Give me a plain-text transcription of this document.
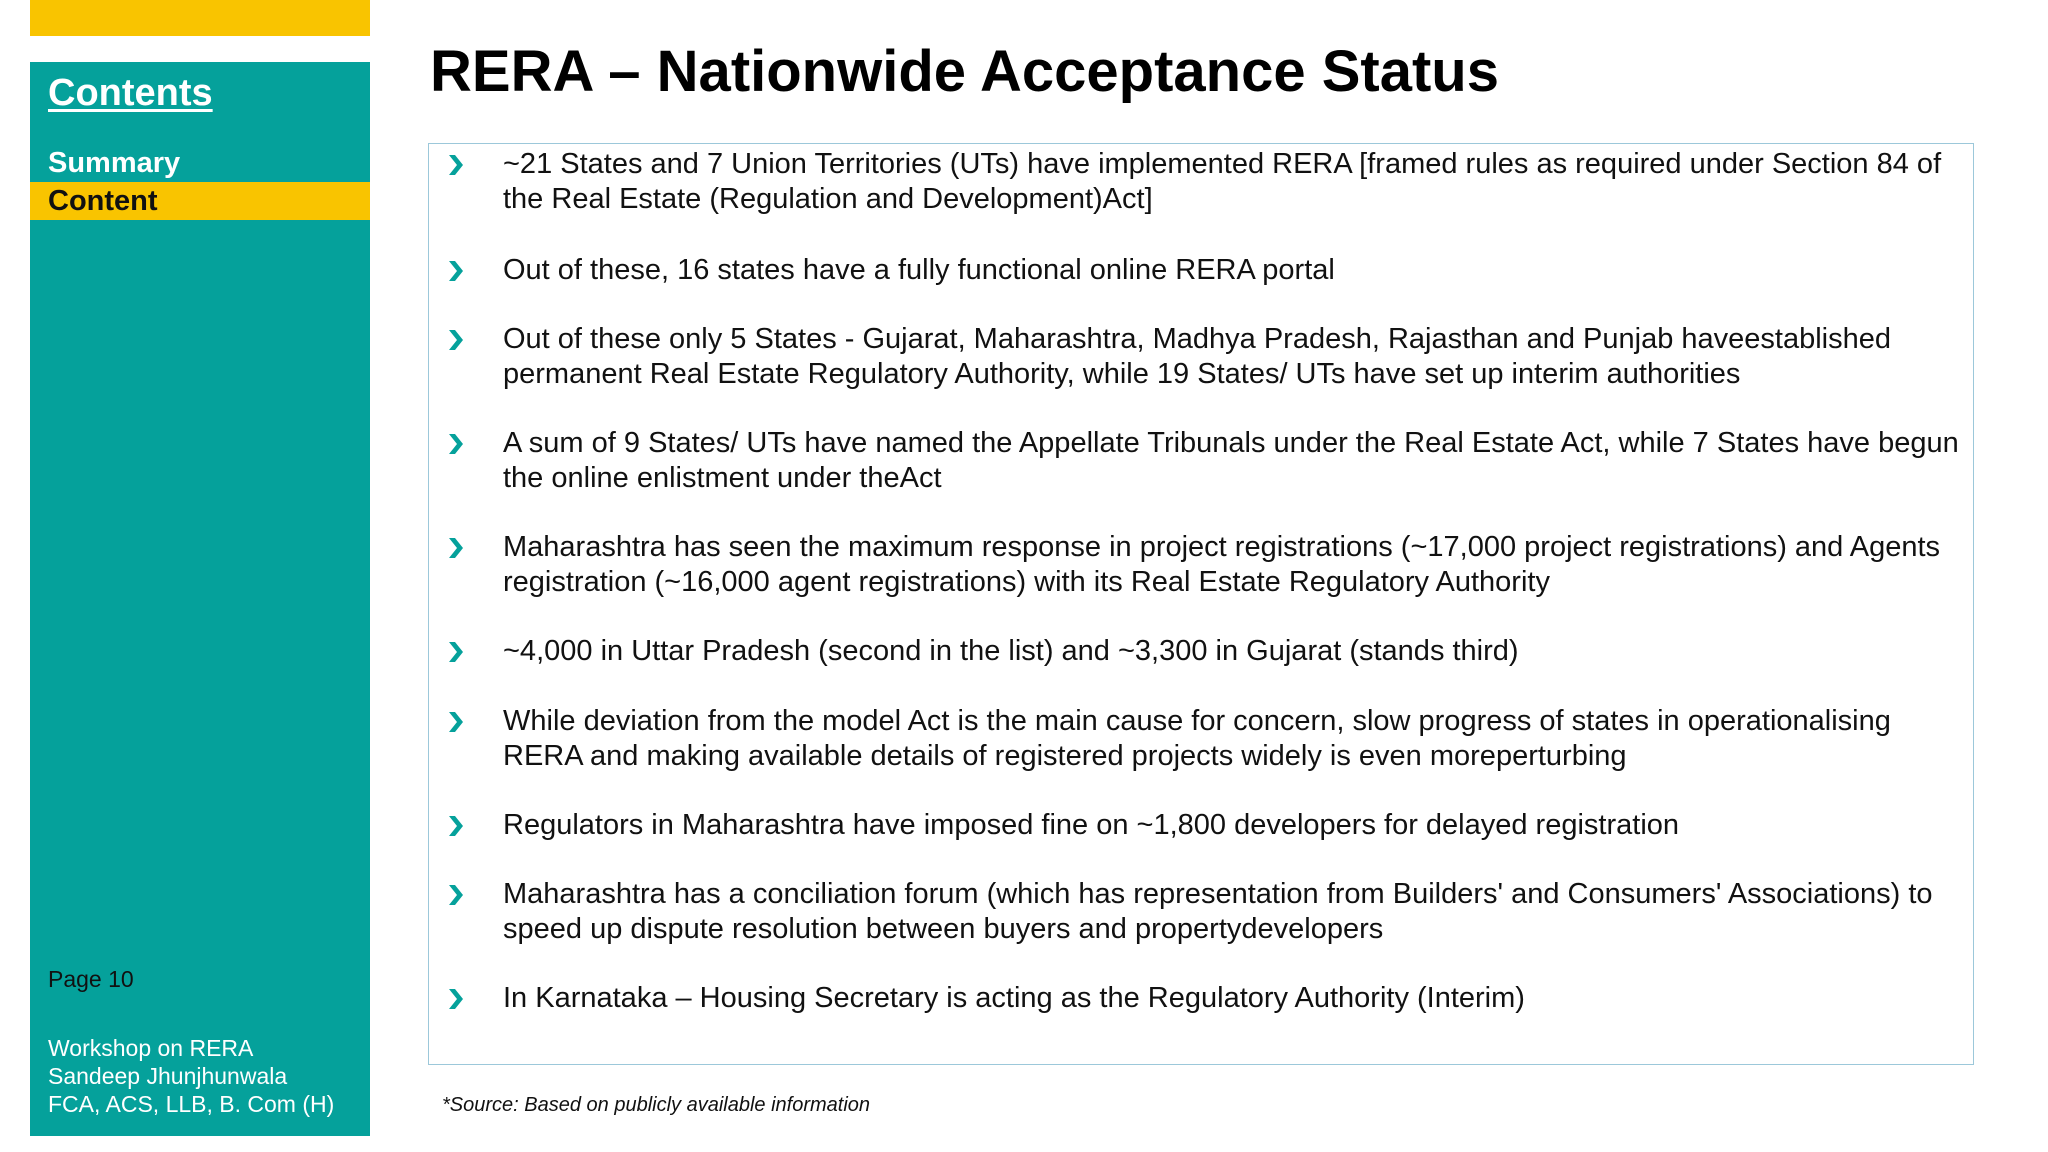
Contents
Summary
Content
Page 10
Workshop on RERA
Sandeep Jhunjhunwala
FCA, ACS, LLB, B. Com (H)
RERA – Nationwide Acceptance Status
~21 States and 7 Union Territories (UTs) have implemented RERA [framed rules as required under Section 84 of the Real Estate (Regulation and Development)Act]
Out of these, 16 states have a fully functional online RERA portal
Out of these only 5 States - Gujarat, Maharashtra, Madhya Pradesh, Rajasthan and Punjab haveestablished permanent Real Estate Regulatory Authority, while 19 States/ UTs have set up interim authorities
A sum of 9 States/ UTs have named the Appellate Tribunals under the Real Estate Act, while 7 States have begun the online enlistment under theAct
Maharashtra has seen the maximum response in project registrations (~17,000 project registrations) and Agents registration (~16,000 agent registrations) with its Real Estate Regulatory Authority
~4,000 in Uttar Pradesh (second in the list) and ~3,300 in Gujarat (stands third)
While deviation from the model Act is the main cause for concern, slow progress of states in operationalising RERA and making available details of registered projects widely is even moreperturbing
Regulators in Maharashtra have imposed fine on ~1,800 developers for delayed registration
Maharashtra has a conciliation forum (which has representation from Builders' and Consumers' Associations) to speed up dispute resolution between buyers and propertydevelopers
In Karnataka – Housing Secretary is acting as the Regulatory Authority (Interim)
*Source: Based on publicly available information
